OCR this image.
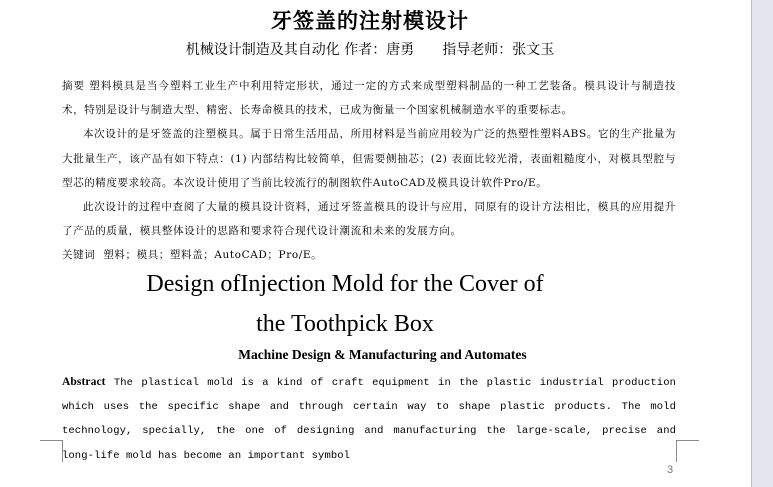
牙签盖的注射模设计
机械设计制造及其自动化 作者：唐勇 指导老师：张文玉

摘要 塑料模具是当今塑料工业生产中利用特定形状，通过一定的方式来成型塑料制品的一种工艺装备。模具设计与制造技术，特别是设计与制造大型、精密、长寿命模具的技术，已成为衡量一个国家机械制造水平的重要标志。

本次设计的是牙签盖的注塑模具。属于日常生活用品，所用材料是当前应用较为广泛的热塑性塑料ABS。它的生产批量为大批量生产，该产品有如下特点：(1) 内部结构比较简单，但需要侧抽芯；(2) 表面比较光滑，表面粗糙度小，对模具型腔与型芯的精度要求较高。本次设计使用了当前比较流行的制图软件AutoCAD及模具设计软件Pro/E。

此次设计的过程中查阅了大量的模具设计资料，通过牙签盖模具的设计与应用，同原有的设计方法相比，模具的应用提升了产品的质量，模具整体设计的思路和要求符合现代设计潮流和未来的发展方向。

关键词 塑料；模具；塑料盖；AutoCAD；Pro/E。

Design ofInjection Mold for the Cover of
the Toothpick Box
Machine Design & Manufacturing and Automates
Abstract The plastical mold is a kind of craft equipment in the plastic industrial production which uses the specific shape and through certain way to shape plastic products. The mold technology, specially, the one of designing and manufacturing the large-scale, precise and long-life mold has become an important symbol
3
